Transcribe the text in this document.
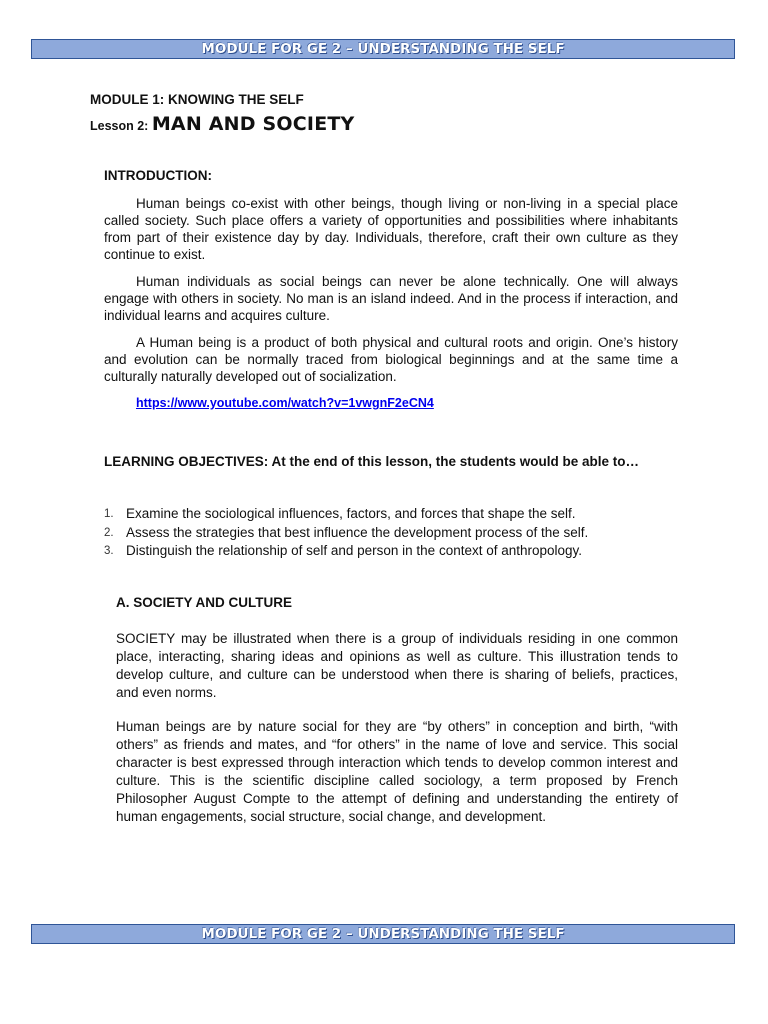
MODULE FOR GE 2 – UNDERSTANDING THE SELF
MODULE 1: KNOWING THE SELF
Lesson 2: MAN AND SOCIETY
INTRODUCTION:

Human beings co-exist with other beings, though living or non-living in a special place called society. Such place offers a variety of opportunities and possibilities where inhabitants from part of their existence day by day. Individuals, therefore, craft their own culture as they continue to exist.

Human individuals as social beings can never be alone technically. One will always engage with others in society. No man is an island indeed. And in the process if interaction, and individual learns and acquires culture.

A Human being is a product of both physical and cultural roots and origin. One’s history and evolution can be normally traced from biological beginnings and at the same time a culturally naturally developed out of socialization.

https://www.youtube.com/watch?v=1vwgnF2eCN4
LEARNING OBJECTIVES: At the end of this lesson, the students would be able to…
1. Examine the sociological influences, factors, and forces that shape the self.
2. Assess the strategies that best influence the development process of the self.
3. Distinguish the relationship of self and person in the context of anthropology.
A. SOCIETY AND CULTURE

SOCIETY may be illustrated when there is a group of individuals residing in one common place, interacting, sharing ideas and opinions as well as culture. This illustration tends to develop culture, and culture can be understood when there is sharing of beliefs, practices, and even norms.

Human beings are by nature social for they are “by others” in conception and birth, “with others” as friends and mates, and “for others” in the name of love and service. This social character is best expressed through interaction which tends to develop common interest and culture. This is the scientific discipline called sociology, a term proposed by French Philosopher August Compte to the attempt of defining and understanding the entirety of human engagements, social structure, social change, and development.

MODULE FOR GE 2 – UNDERSTANDING THE SELF
